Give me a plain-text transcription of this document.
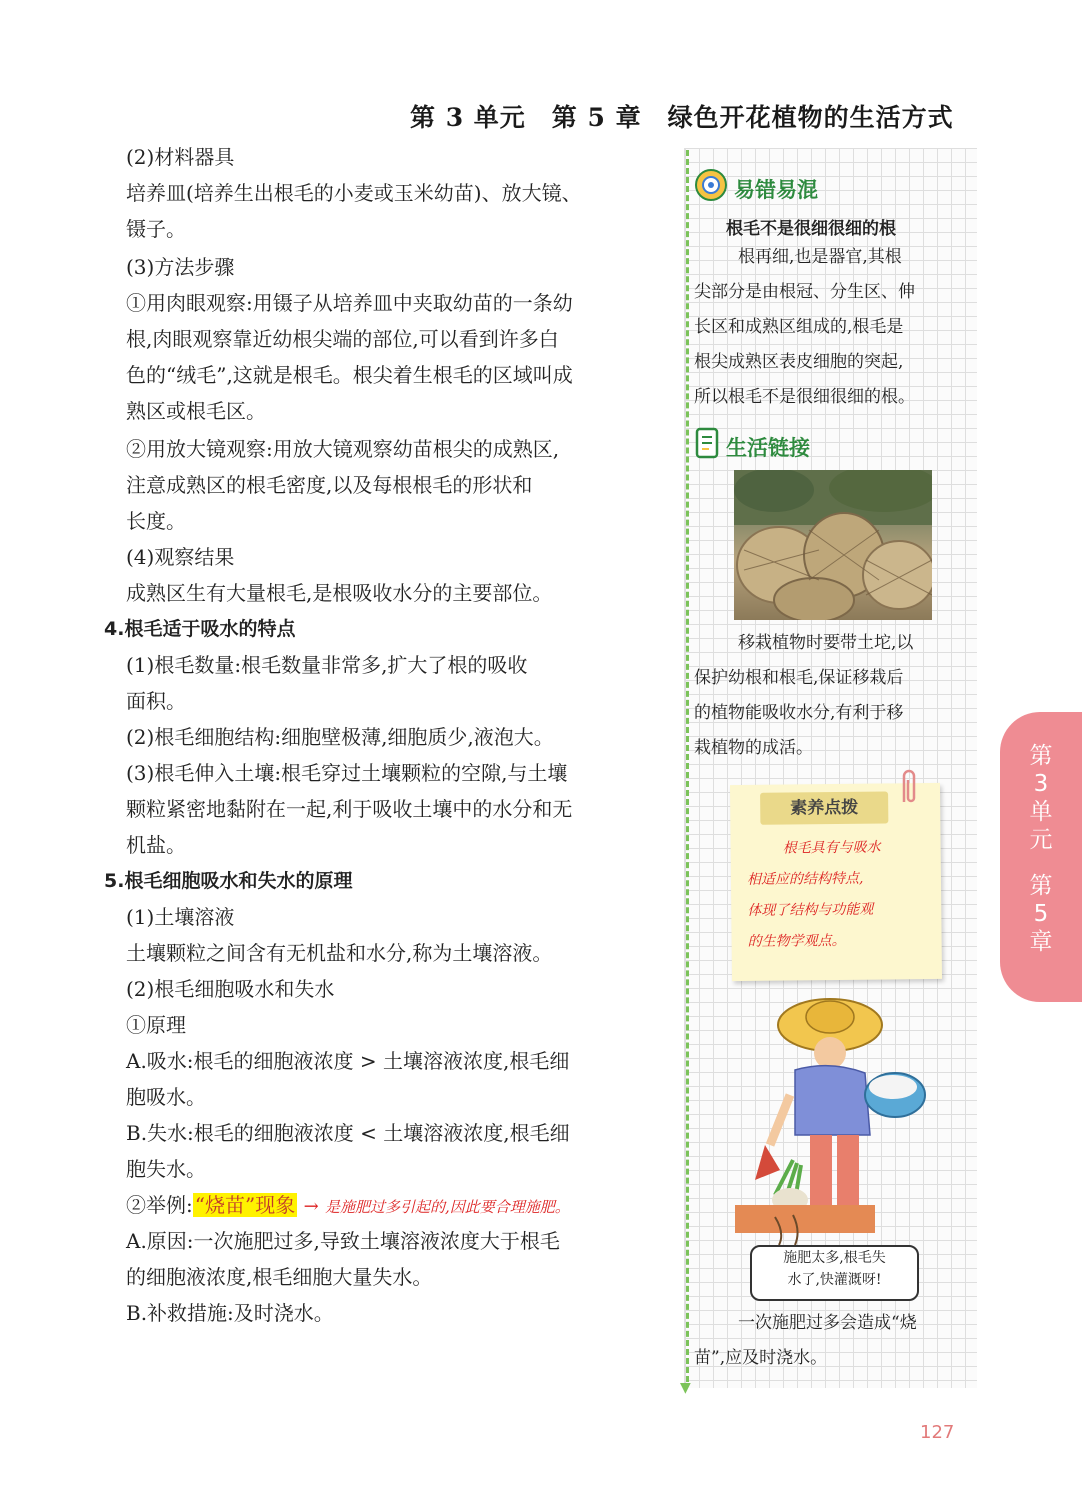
第 3 单元　第 5 章　绿色开花植物的生活方式
(2)材料器具
培养皿(培养生出根毛的小麦或玉米幼苗)、放大镜、
镊子。
(3)方法步骤
①用肉眼观察:用镊子从培养皿中夹取幼苗的一条幼
根,肉眼观察靠近幼根尖端的部位,可以看到许多白
色的“绒毛”,这就是根毛。根尖着生根毛的区域叫成
熟区或根毛区。
②用放大镜观察:用放大镜观察幼苗根尖的成熟区,
注意成熟区的根毛密度,以及每根根毛的形状和
长度。
(4)观察结果
成熟区生有大量根毛,是根吸收水分的主要部位。
4.根毛适于吸水的特点
(1)根毛数量:根毛数量非常多,扩大了根的吸收
面积。
(2)根毛细胞结构:细胞壁极薄,细胞质少,液泡大。
(3)根毛伸入土壤:根毛穿过土壤颗粒的空隙,与土壤
颗粒紧密地黏附在一起,利于吸收土壤中的水分和无
机盐。
5.根毛细胞吸水和失水的原理
(1)土壤溶液
土壤颗粒之间含有无机盐和水分,称为土壤溶液。
(2)根毛细胞吸水和失水
①原理
A.吸水:根毛的细胞液浓度 > 土壤溶液浓度,根毛细
胞吸水。
B.失水:根毛的细胞液浓度 < 土壤溶液浓度,根毛细
胞失水。
②举例: “烧苗”现象 → 是施肥过多引起的,因此要合理施肥。
A.原因:一次施肥过多,导致土壤溶液浓度大于根毛
的细胞液浓度,根毛细胞大量失水。
B.补救措施:及时浇水。
▼
易错易混
根毛不是很细很细的根
根再细,也是器官,其根
尖部分是由根冠、分生区、伸
长区和成熟区组成的,根毛是
根尖成熟区表皮细胞的突起,
所以根毛不是很细很细的根。
生活链接
移栽植物时要带土坨,以
保护幼根和根毛,保证移栽后
的植物能吸收水分,有利于移
栽植物的成活。
素养点拨
根毛具有与吸水
相适应的结构特点,
体现了结构与功能观
的生物学观点。
施肥太多,根毛失
水了,快灌溉呀!
一次施肥过多会造成“烧
苗”,应及时浇水。
第
3
单
元
第
5
章
127
